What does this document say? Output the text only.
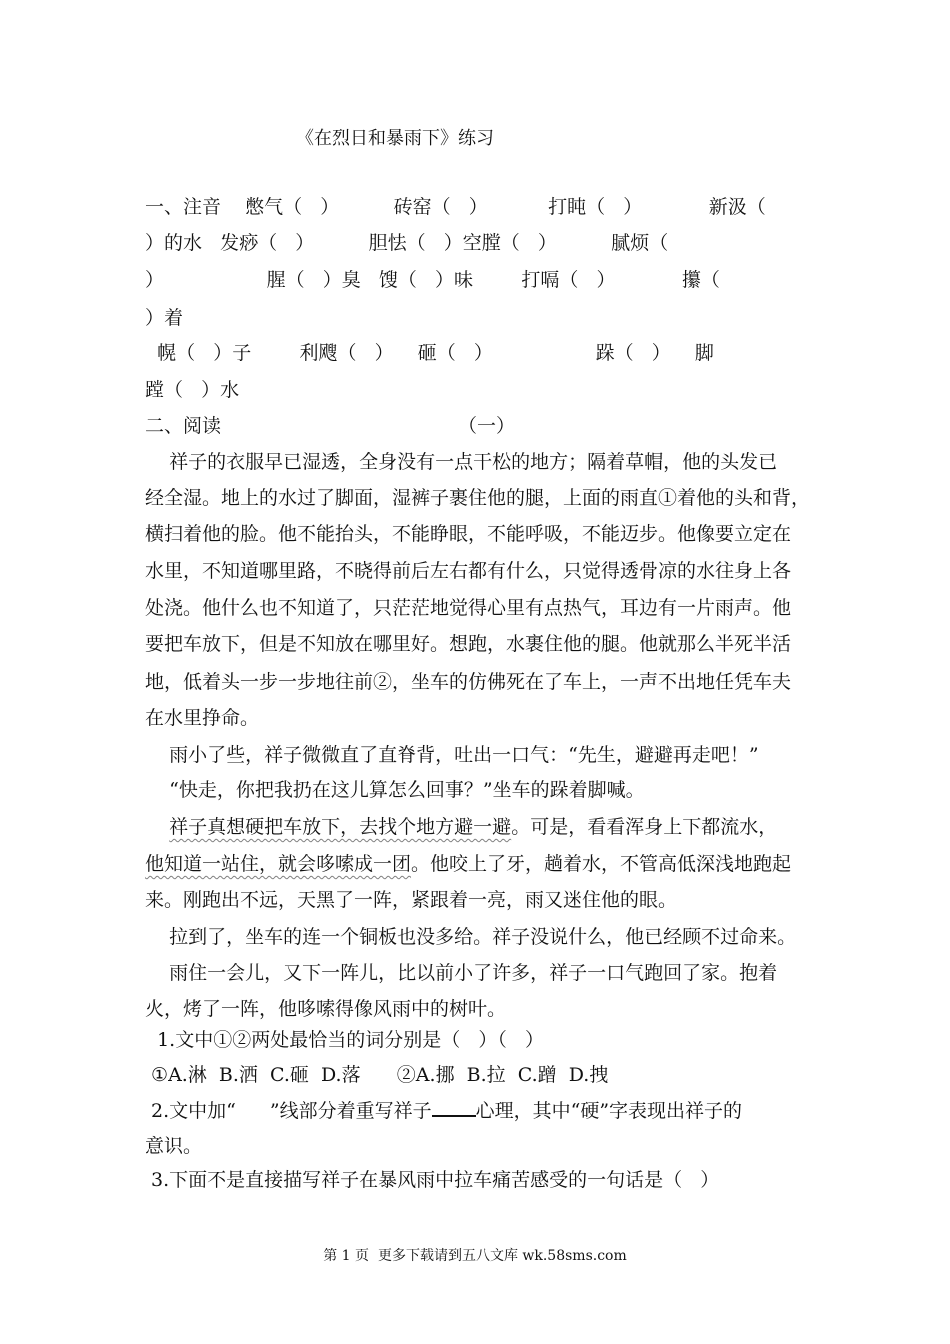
《在烈日和暴雨下》练习
一、注音    憋气（   ）         砖窑（   ）          打盹（   ）           新汲（
）的水   发痧（   ）         胆怯（   ）空膛（   ）         腻烦（
）                 腥（   ）臭   馊（   ）味        打嗝（   ）           攥（
）着
幌（   ）子        利飕（   ）    砸（   ）                 跺（   ）    脚
蹚（   ）水
二、阅读	（一）
祥子的衣服早已湿透，全身没有一点干松的地方；隔着草帽，他的头发已
经全湿。地上的水过了脚面，湿裤子裹住他的腿，上面的雨直①着他的头和背，
横扫着他的脸。他不能抬头，不能睁眼，不能呼吸，不能迈步。他像要立定在
水里，不知道哪里路，不晓得前后左右都有什么，只觉得透骨凉的水往身上各
处浇。他什么也不知道了，只茫茫地觉得心里有点热气，耳边有一片雨声。他
要把车放下，但是不知放在哪里好。想跑，水裹住他的腿。他就那么半死半活
地，低着头一步一步地往前②，坐车的仿佛死在了车上，一声不出地任凭车夫
在水里挣命。
雨小了些，祥子微微直了直脊背，吐出一口气：“先生，避避再走吧！”
“快走，你把我扔在这儿算怎么回事？”坐车的跺着脚喊。
祥子真想硬把车放下，去找个地方避一避。可是，看看浑身上下都流水，
他知道一站住，就会哆嗦成一团。他咬上了牙，趟着水，不管高低深浅地跑起
来。刚跑出不远，天黑了一阵，紧跟着一亮，雨又迷住他的眼。
拉到了，坐车的连一个铜板也没多给。祥子没说什么，他已经顾不过命来。
雨住一会儿，又下一阵儿，比以前小了许多，祥子一口气跑回了家。抱着
火，烤了一阵，他哆嗦得像风雨中的树叶。
1.文中①②两处最恰当的词分别是（   ）（   ）
①A.淋  B.洒  C.砸  D.落      ②A.挪  B.拉  C.蹭  D.拽
2.文中加“ ”线部分着重写祥子 心理，其中“硬”字表现出祥子的
意识。
3.下面不是直接描写祥子在暴风雨中拉车痛苦感受的一句话是（   ）
第 1 页  更多下载请到五八文库 wk.58sms.com
